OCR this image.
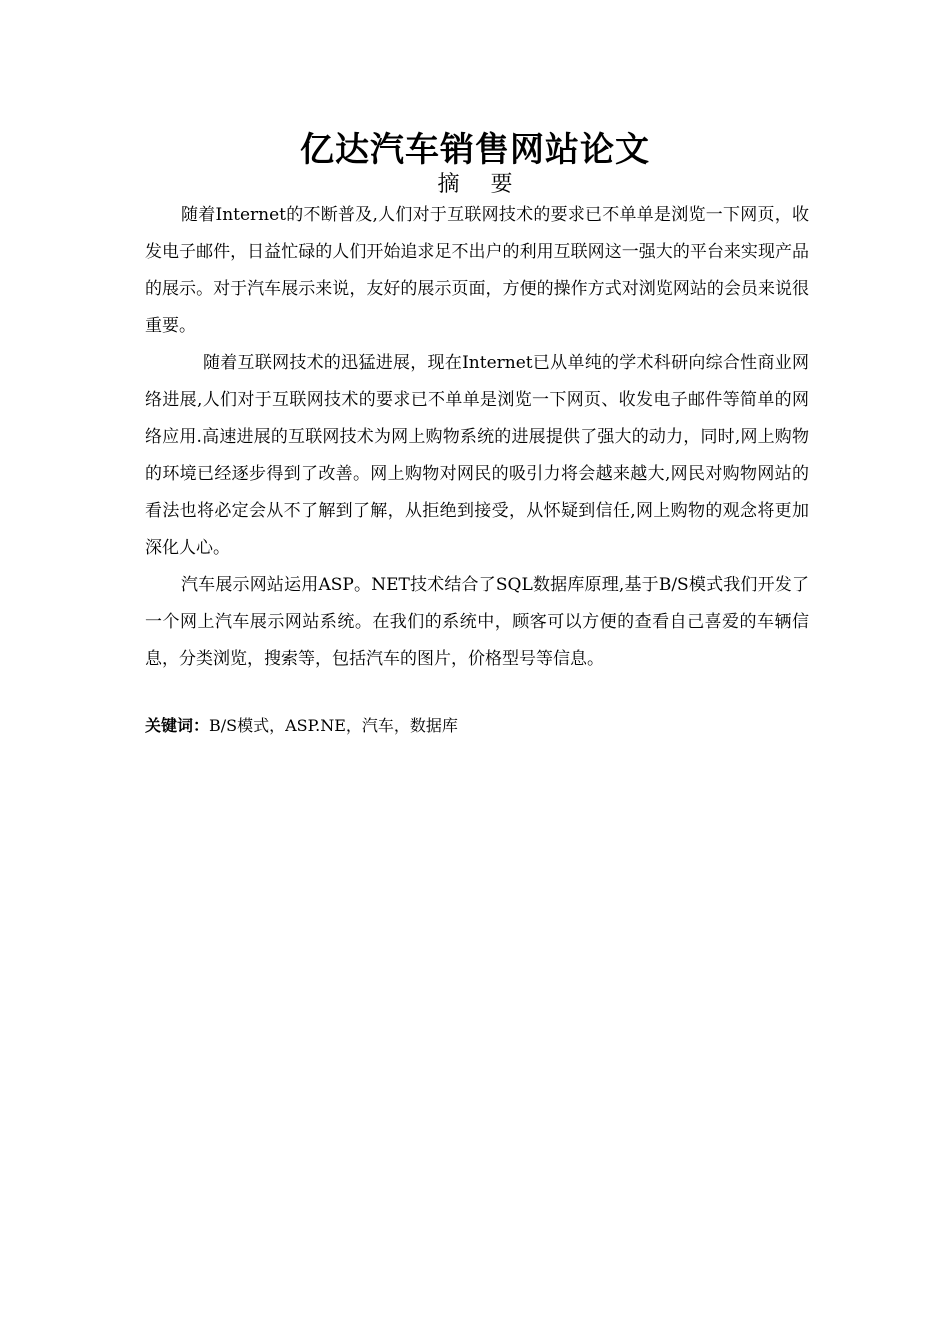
亿达汽车销售网站论文
摘 要

随着Internet的不断普及,人们对于互联网技术的要求已不单单是浏览一下网页，收发电子邮件，日益忙碌的人们开始追求足不出户的利用互联网这一强大的平台来实现产品的展示。对于汽车展示来说，友好的展示页面，方便的操作方式对浏览网站的会员来说很重要。

随着互联网技术的迅猛进展，现在Internet已从单纯的学术科研向综合性商业网络进展,人们对于互联网技术的要求已不单单是浏览一下网页、收发电子邮件等简单的网络应用.高速进展的互联网技术为网上购物系统的进展提供了强大的动力，同时,网上购物的环境已经逐步得到了改善。网上购物对网民的吸引力将会越来越大,网民对购物网站的看法也将必定会从不了解到了解，从拒绝到接受，从怀疑到信任,网上购物的观念将更加深化人心。

汽车展示网站运用ASP。NET技术结合了SQL数据库原理,基于B/S模式我们开发了一个网上汽车展示网站系统。在我们的系统中，顾客可以方便的查看自己喜爱的车辆信息，分类浏览，搜索等，包括汽车的图片，价格型号等信息。

关键词：B/S模式，ASP.NE，汽车，数据库
